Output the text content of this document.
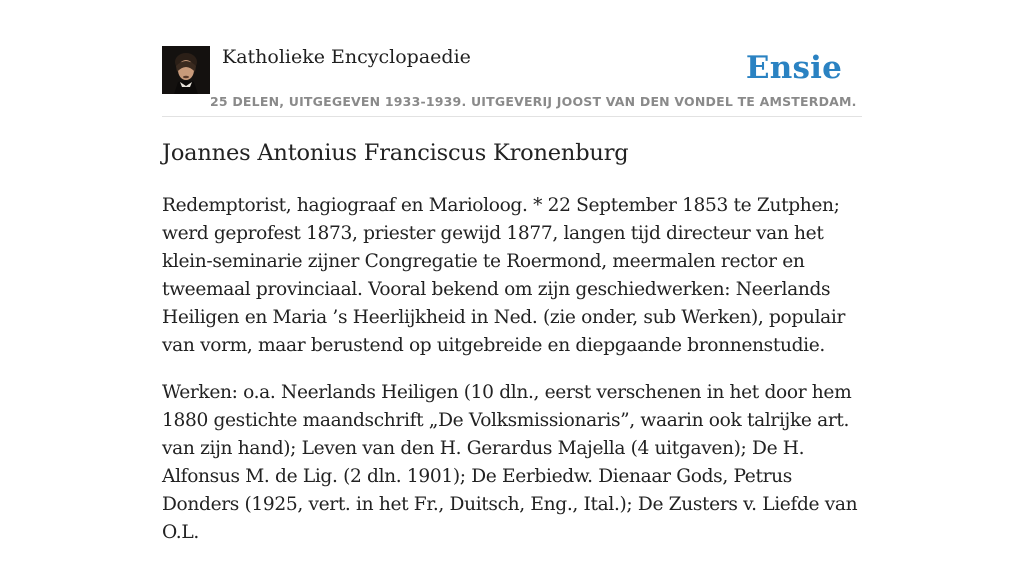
Katholieke Encyclopaedie	Ensie
25 DELEN, UITGEGEVEN 1933-1939. UITGEVERIJ JOOST VAN DEN VONDEL TE AMSTERDAM.
Joannes Antonius Franciscus Kronenburg

Redemptorist, hagiograaf en Marioloog. * 22 September 1853 te Zutphen; werd geprofest 1873, priester gewijd 1877, langen tijd directeur van het klein-seminarie zijner Congregatie te Roermond, meermalen rector en tweemaal provinciaal. Vooral bekend om zijn geschiedwerken: Neerlands Heiligen en Maria ’s Heerlijkheid in Ned. (zie onder, sub Werken), populair van vorm, maar berustend op uitgebreide en diepgaande bronnenstudie.

Werken: o.a. Neerlands Heiligen (10 dln., eerst verschenen in het door hem 1880 gestichte maandschrift „De Volksmissionaris”, waarin ook talrijke art. van zijn hand); Leven van den H. Gerardus Majella (4 uitgaven); De H. Alfonsus M. de Lig. (2 dln. 1901); De Eerbiedw. Dienaar Gods, Petrus Donders (1925, vert. in het Fr., Duitsch, Eng., Ital.); De Zusters v. Liefde van O.L.
